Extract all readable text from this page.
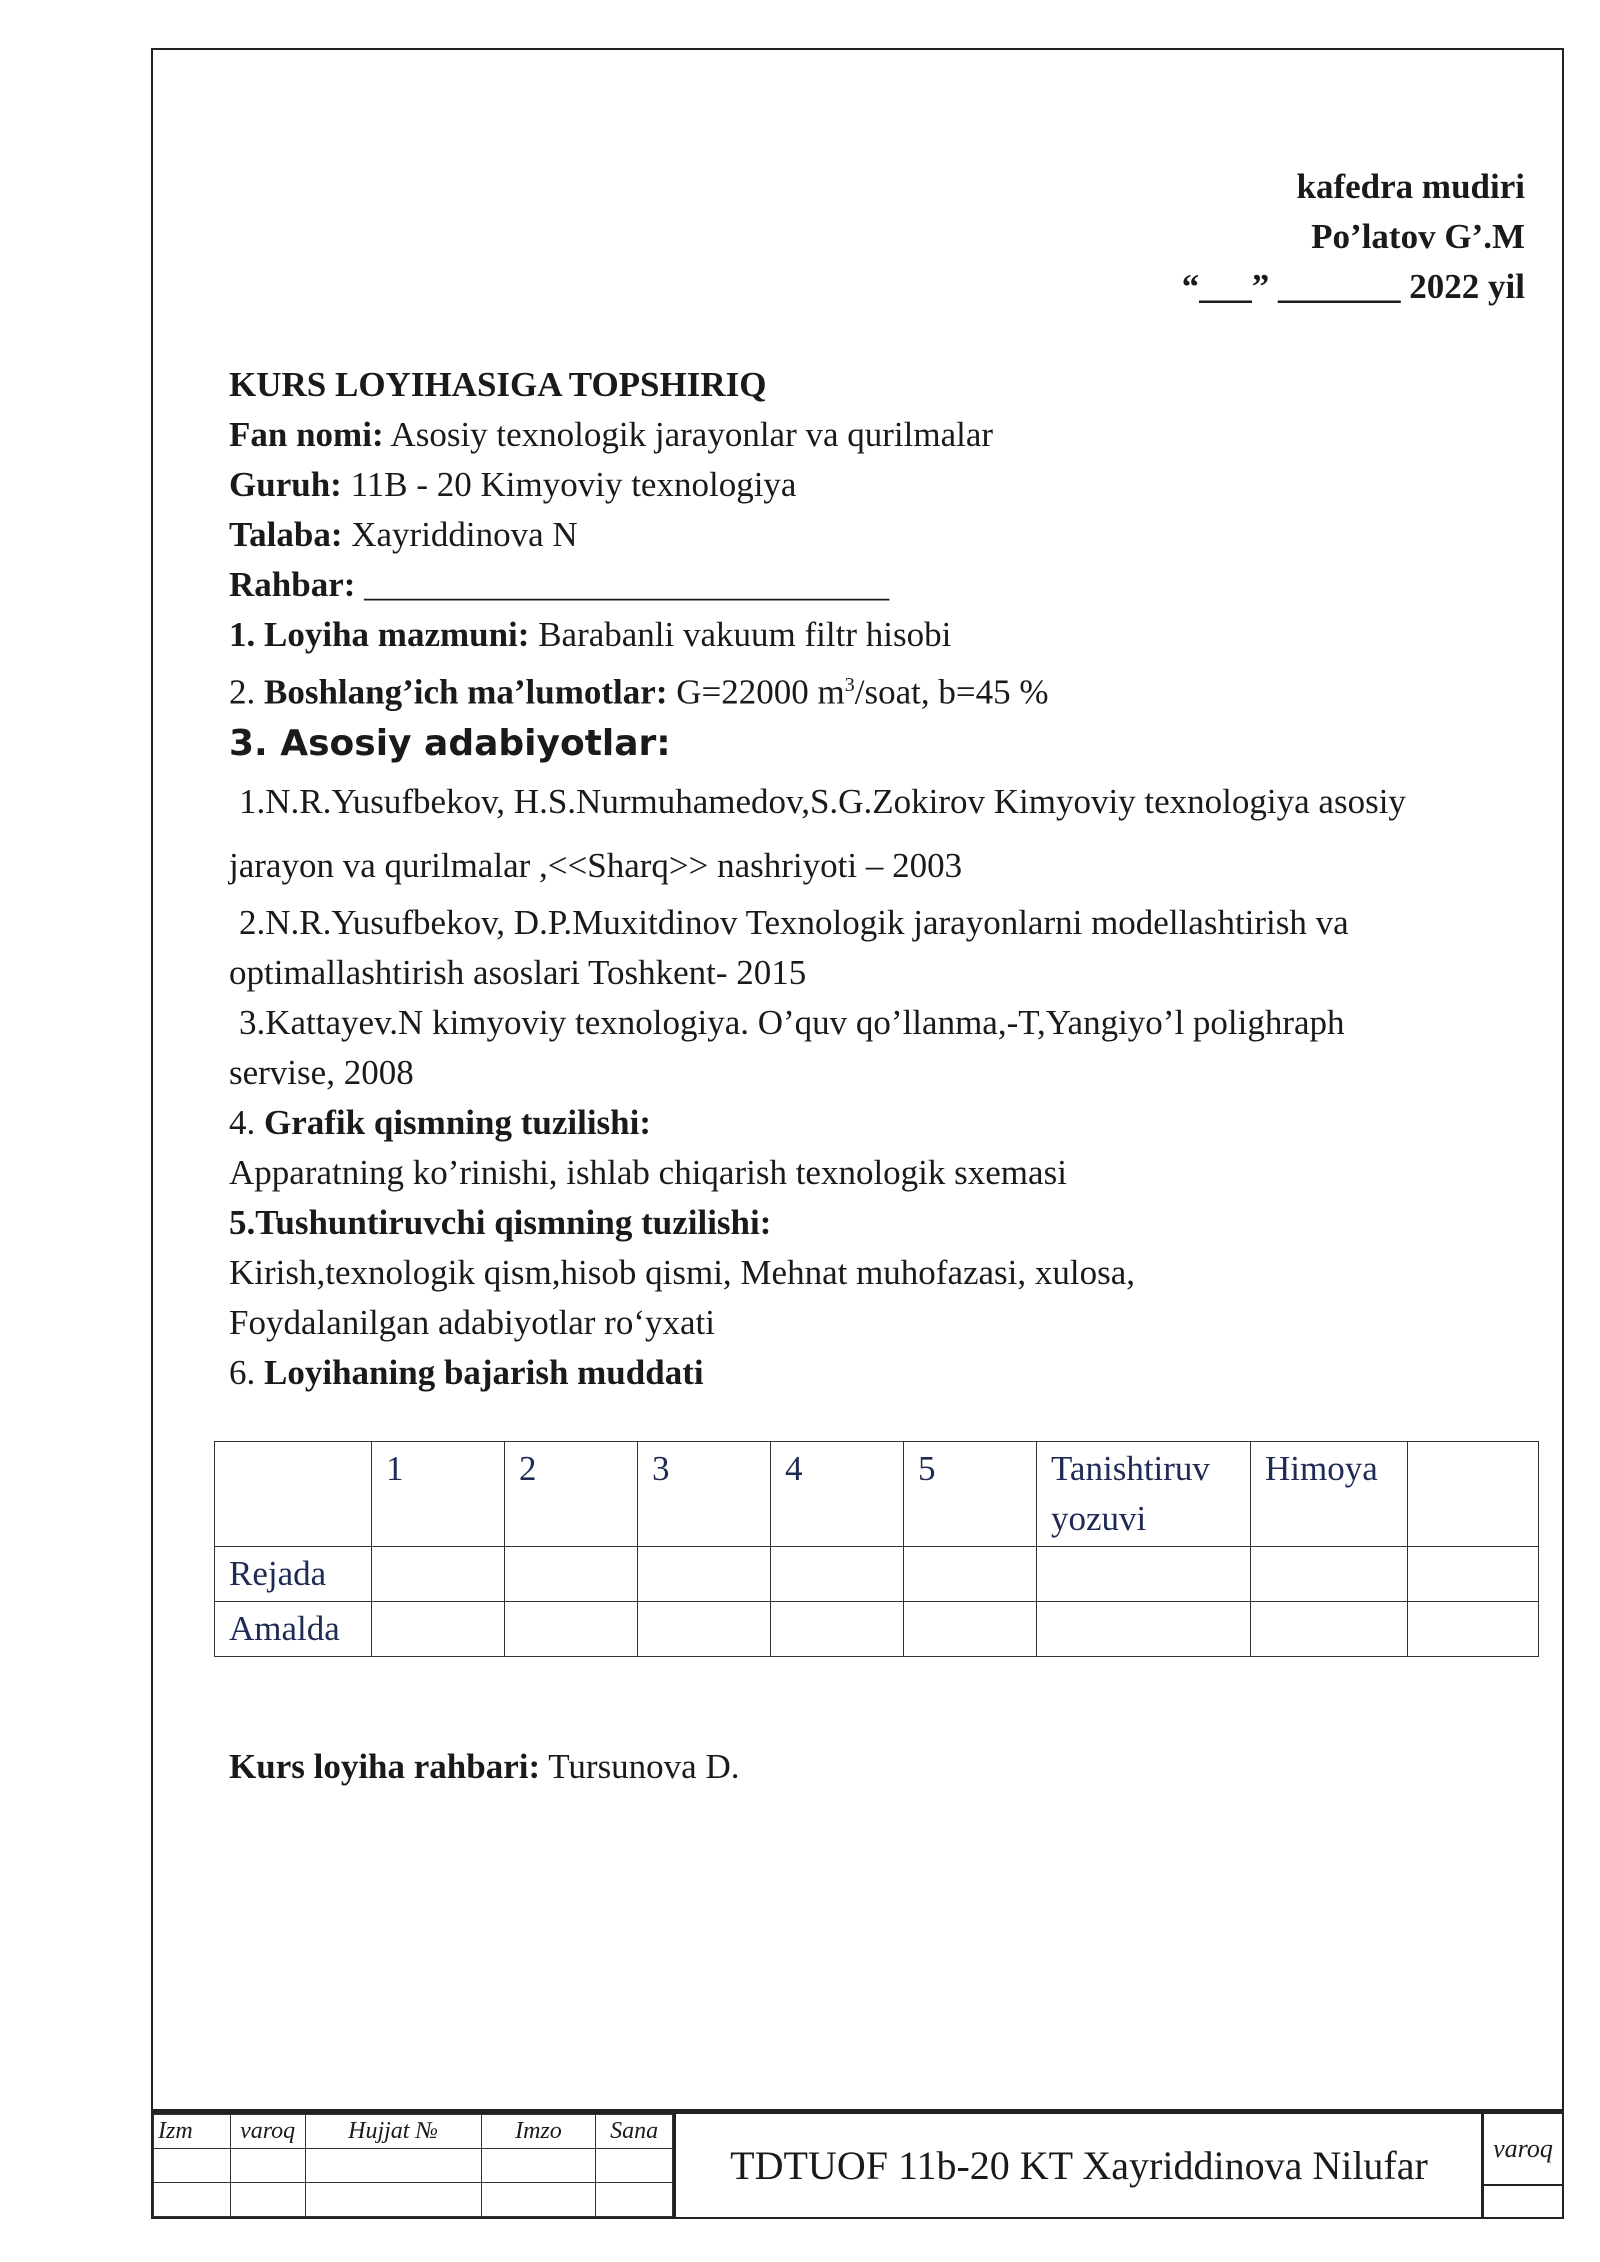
kafedra mudiri
Po’latov G’.M
“___” _______ 2022 yil

KURS LOYIHASIGA TOPSHIRIQ

Fan nomi: Asosiy texnologik jarayonlar va qurilmalar

Guruh: 11B - 20 Kimyoviy texnologiya

Talaba: Xayriddinova N

Rahbar: ______________________________

1. Loyiha mazmuni: Barabanli vakuum filtr hisobi

2. Boshlang’ich ma’lumotlar: G=22000 $m^3$/soat, b=45 %

3. Asosiy adabiyotlar:

1.N.R.Yusufbekov, H.S.Nurmuhamedov,S.G.Zokirov Kimyoviy texnologiya asosiy

jarayon va qurilmalar ,<<Sharq>> nashriyoti – 2003

2.N.R.Yusufbekov, D.P.Muxitdinov Texnologik jarayonlarni modellashtirish va

optimallashtirish asoslari Toshkent- 2015

3.Kattayev.N kimyoviy texnologiya. O’quv qo’llanma,-T,Yangiyo’l polighraph

servise, 2008

4. Grafik qismning tuzilishi:

Apparatning ko’rinishi, ishlab chiqarish texnologik sxemasi

5.Tushuntiruvchi qismning tuzilishi:

Kirish,texnologik qism,hisob qismi, Mehnat muhofazasi, xulosa,

Foydalanilgan adabiyotlar ro‘yxati

6. Loyihaning bajarish muddati

	1	2	3	4	5	Tanishtiruv yozuvi	Himoya	
Rejada								
Amalda								
Kurs loyiha rahbari: Tursunova D.
Izm	varoq	Hujjat №	Imzo	Sana

TDTUOF 11b-20 KT Xayriddinova Nilufar	varoq
